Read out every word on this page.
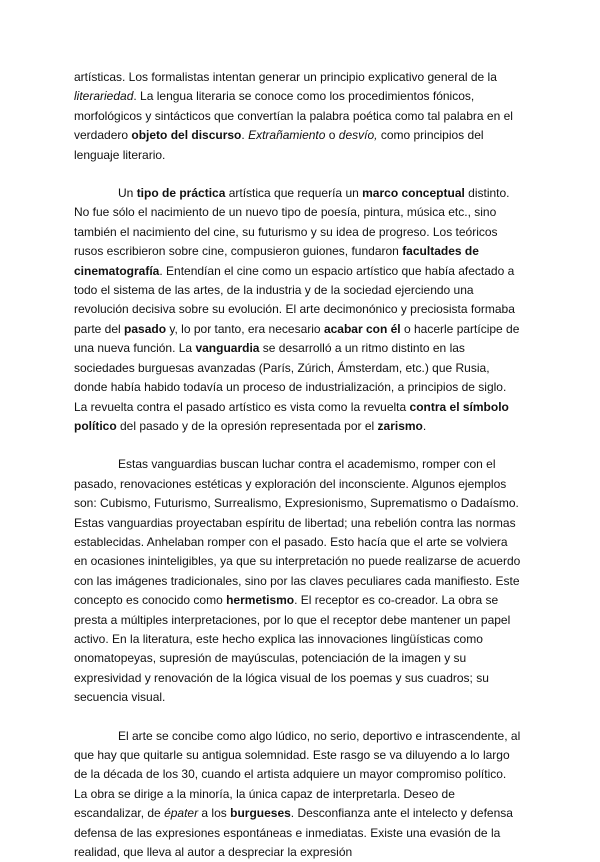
artísticas. Los formalistas intentan generar un principio explicativo general de la literariedad. La lengua literaria se conoce como los procedimientos fónicos, morfológicos y sintácticos que convertían la palabra poética como tal palabra en el verdadero objeto del discurso. Extrañamiento o desvío, como principios del lenguaje literario.

Un tipo de práctica artística que requería un marco conceptual distinto. No fue sólo el nacimiento de un nuevo tipo de poesía, pintura, música etc., sino también el nacimiento del cine, su futurismo y su idea de progreso. Los teóricos rusos escribieron sobre cine, compusieron guiones, fundaron facultades de cinematografía. Entendían el cine como un espacio artístico que había afectado a todo el sistema de las artes, de la industria y de la sociedad ejerciendo una revolución decisiva sobre su evolución. El arte decimonónico y preciosista formaba parte del pasado y, lo por tanto, era necesario acabar con él o hacerle partícipe de una nueva función. La vanguardia se desarrolló a un ritmo distinto en las sociedades burguesas avanzadas (París, Zúrich, Ámsterdam, etc.) que Rusia, donde había habido todavía un proceso de industrialización, a principios de siglo. La revuelta contra el pasado artístico es vista como la revuelta contra el símbolo político del pasado y de la opresión representada por el zarismo.

Estas vanguardias buscan luchar contra el academismo, romper con el pasado, renovaciones estéticas y exploración del inconsciente. Algunos ejemplos son: Cubismo, Futurismo, Surrealismo, Expresionismo, Suprematismo o Dadaísmo. Estas vanguardias proyectaban espíritu de libertad; una rebelión contra las normas establecidas. Anhelaban romper con el pasado. Esto hacía que el arte se volviera en ocasiones ininteligibles, ya que su interpretación no puede realizarse de acuerdo con las imágenes tradicionales, sino por las claves peculiares cada manifiesto. Este concepto es conocido como hermetismo. El receptor es co-creador. La obra se presta a múltiples interpretaciones, por lo que el receptor debe mantener un papel activo. En la literatura, este hecho explica las innovaciones lingüísticas como onomatopeyas, supresión de mayúsculas, potenciación de la imagen y su expresividad y renovación de la lógica visual de los poemas y sus cuadros; su secuencia visual.

El arte se concibe como algo lúdico, no serio, deportivo e intrascendente, al que hay que quitarle su antigua solemnidad. Este rasgo se va diluyendo a lo largo de la década de los 30, cuando el artista adquiere un mayor compromiso político. La obra se dirige a la minoría, la única capaz de interpretarla. Deseo de escandalizar, de épater a los burgueses. Desconfianza ante el intelecto y defensa defensa de las expresiones espontáneas e inmediatas. Existe una evasión de la realidad, que lleva al autor a despreciar la expresión
